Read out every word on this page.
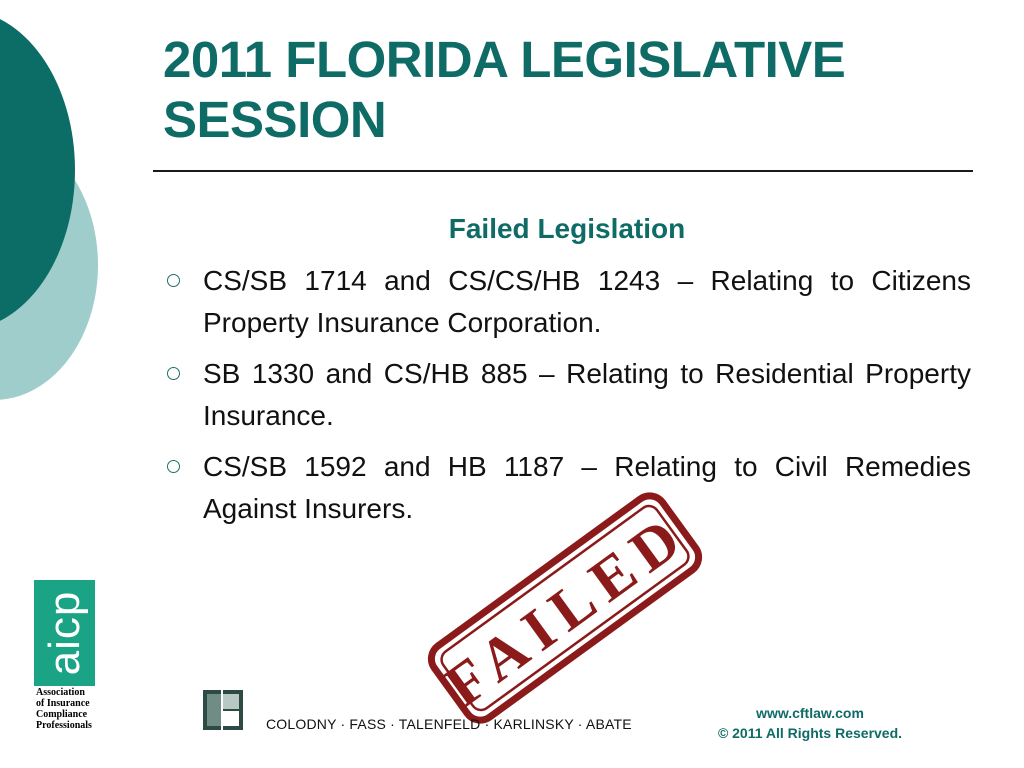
2011 FLORIDA LEGISLATIVE SESSION
Failed Legislation
CS/SB 1714 and CS/CS/HB 1243 – Relating to Citizens Property Insurance Corporation.
SB 1330 and CS/HB 885 – Relating to Residential Property Insurance.
CS/SB 1592 and HB 1187 – Relating to Civil Remedies Against Insurers. FAILED
aicp
Association
of Insurance
Compliance
Professionals	COLODNY · FASS · TALENFELD · KARLINSKY · ABATE
www.cftlaw.com
© 2011 All Rights Reserved.
